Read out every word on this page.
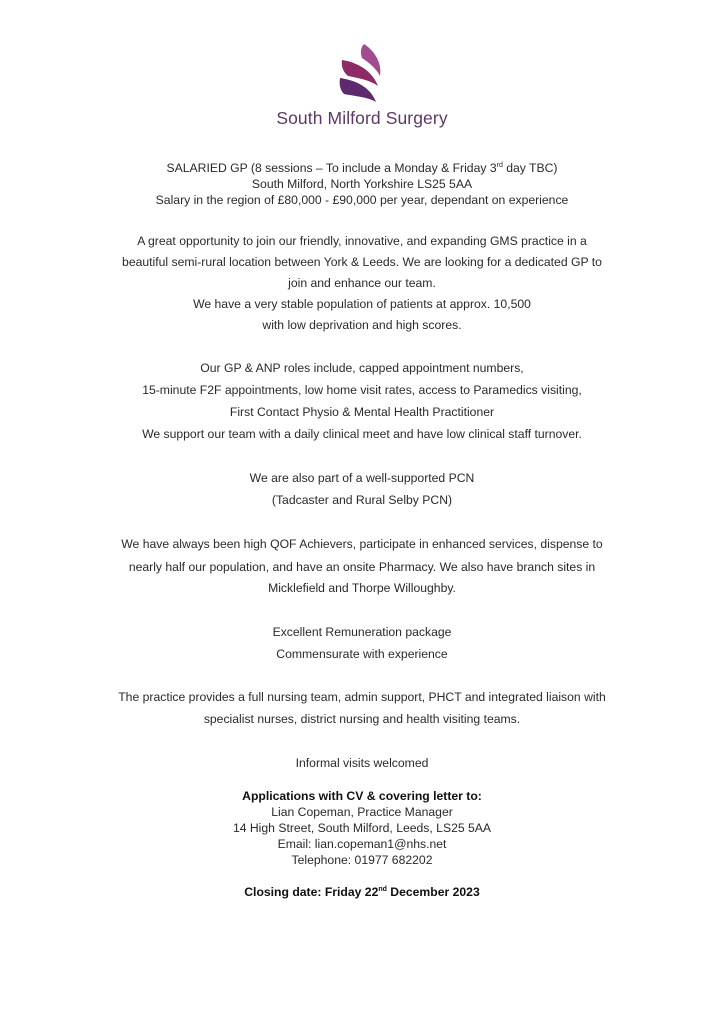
South Milford Surgery
SALARIED GP (8 sessions – To include a Monday & Friday 3rd day TBC)
South Milford, North Yorkshire LS25 5AA
Salary in the region of £80,000 - £90,000 per year, dependant on experience
A great opportunity to join our friendly, innovative, and expanding GMS practice in a
beautiful semi-rural location between York & Leeds. We are looking for a dedicated GP to
join and enhance our team.
We have a very stable population of patients at approx. 10,500
with low deprivation and high scores.
Our GP & ANP roles include, capped appointment numbers,
15-minute F2F appointments, low home visit rates, access to Paramedics visiting,
First Contact Physio & Mental Health Practitioner
We support our team with a daily clinical meet and have low clinical staff turnover.
We are also part of a well-supported PCN
(Tadcaster and Rural Selby PCN)
We have always been high QOF Achievers, participate in enhanced services, dispense to
nearly half our population, and have an onsite Pharmacy. We also have branch sites in
Micklefield and Thorpe Willoughby.
Excellent Remuneration package
Commensurate with experience
The practice provides a full nursing team, admin support, PHCT and integrated liaison with
specialist nurses, district nursing and health visiting teams.
Informal visits welcomed
Applications with CV & covering letter to:
Lian Copeman, Practice Manager
14 High Street, South Milford, Leeds, LS25 5AA
Email: lian.copeman1@nhs.net
Telephone: 01977 682202
Closing date: Friday 22nd December 2023
